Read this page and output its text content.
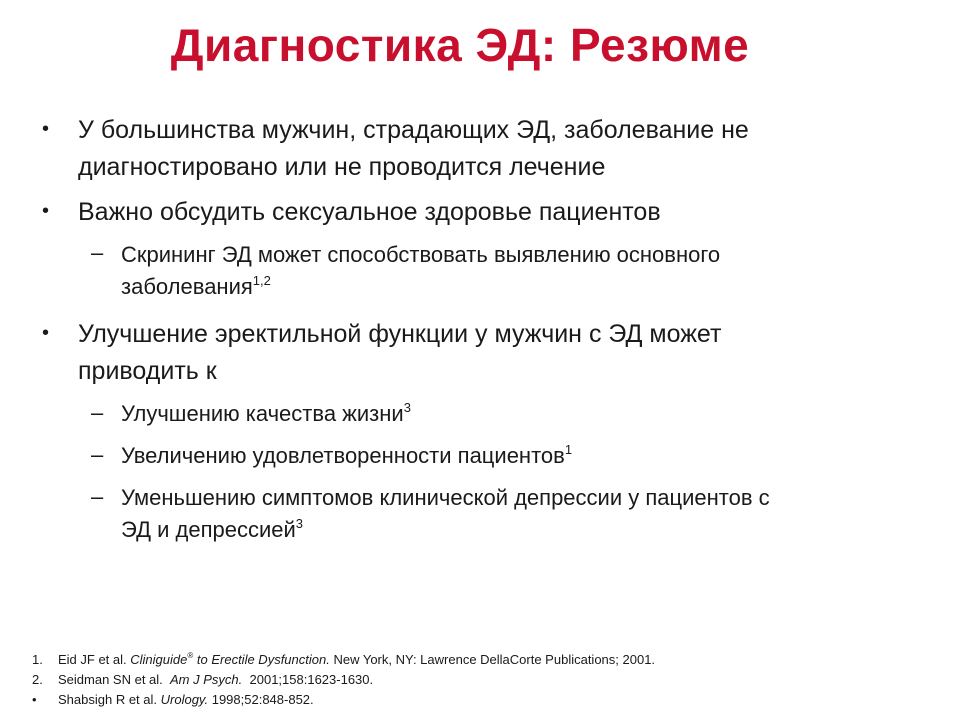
Диагностика ЭД: Резюме
• У большинства мужчин, страдающих ЭД, заболевание не
диагностировано или не проводится лечение
• Важно обсудить сексуальное здоровье пациентов
– Скрининг ЭД может способствовать выявлению основного
заболевания$^{1,2}$
• Улучшение эректильной функции у мужчин с ЭД может
приводить к
– Улучшению качества жизни$^3$
– Увеличению удовлетворенности пациентов$^1$
– Уменьшению симптомов клинической депрессии у пациентов с
ЭД и депрессией$^3$
1. Eid JF et al. Cliniguide® to Erectile Dysfunction. New York, NY: Lawrence DellaCorte Publications; 2001.
2. Seidman SN et al. Am J Psych. 2001;158:1623-1630.
• Shabsigh R et al. Urology. 1998;52:848-852.
